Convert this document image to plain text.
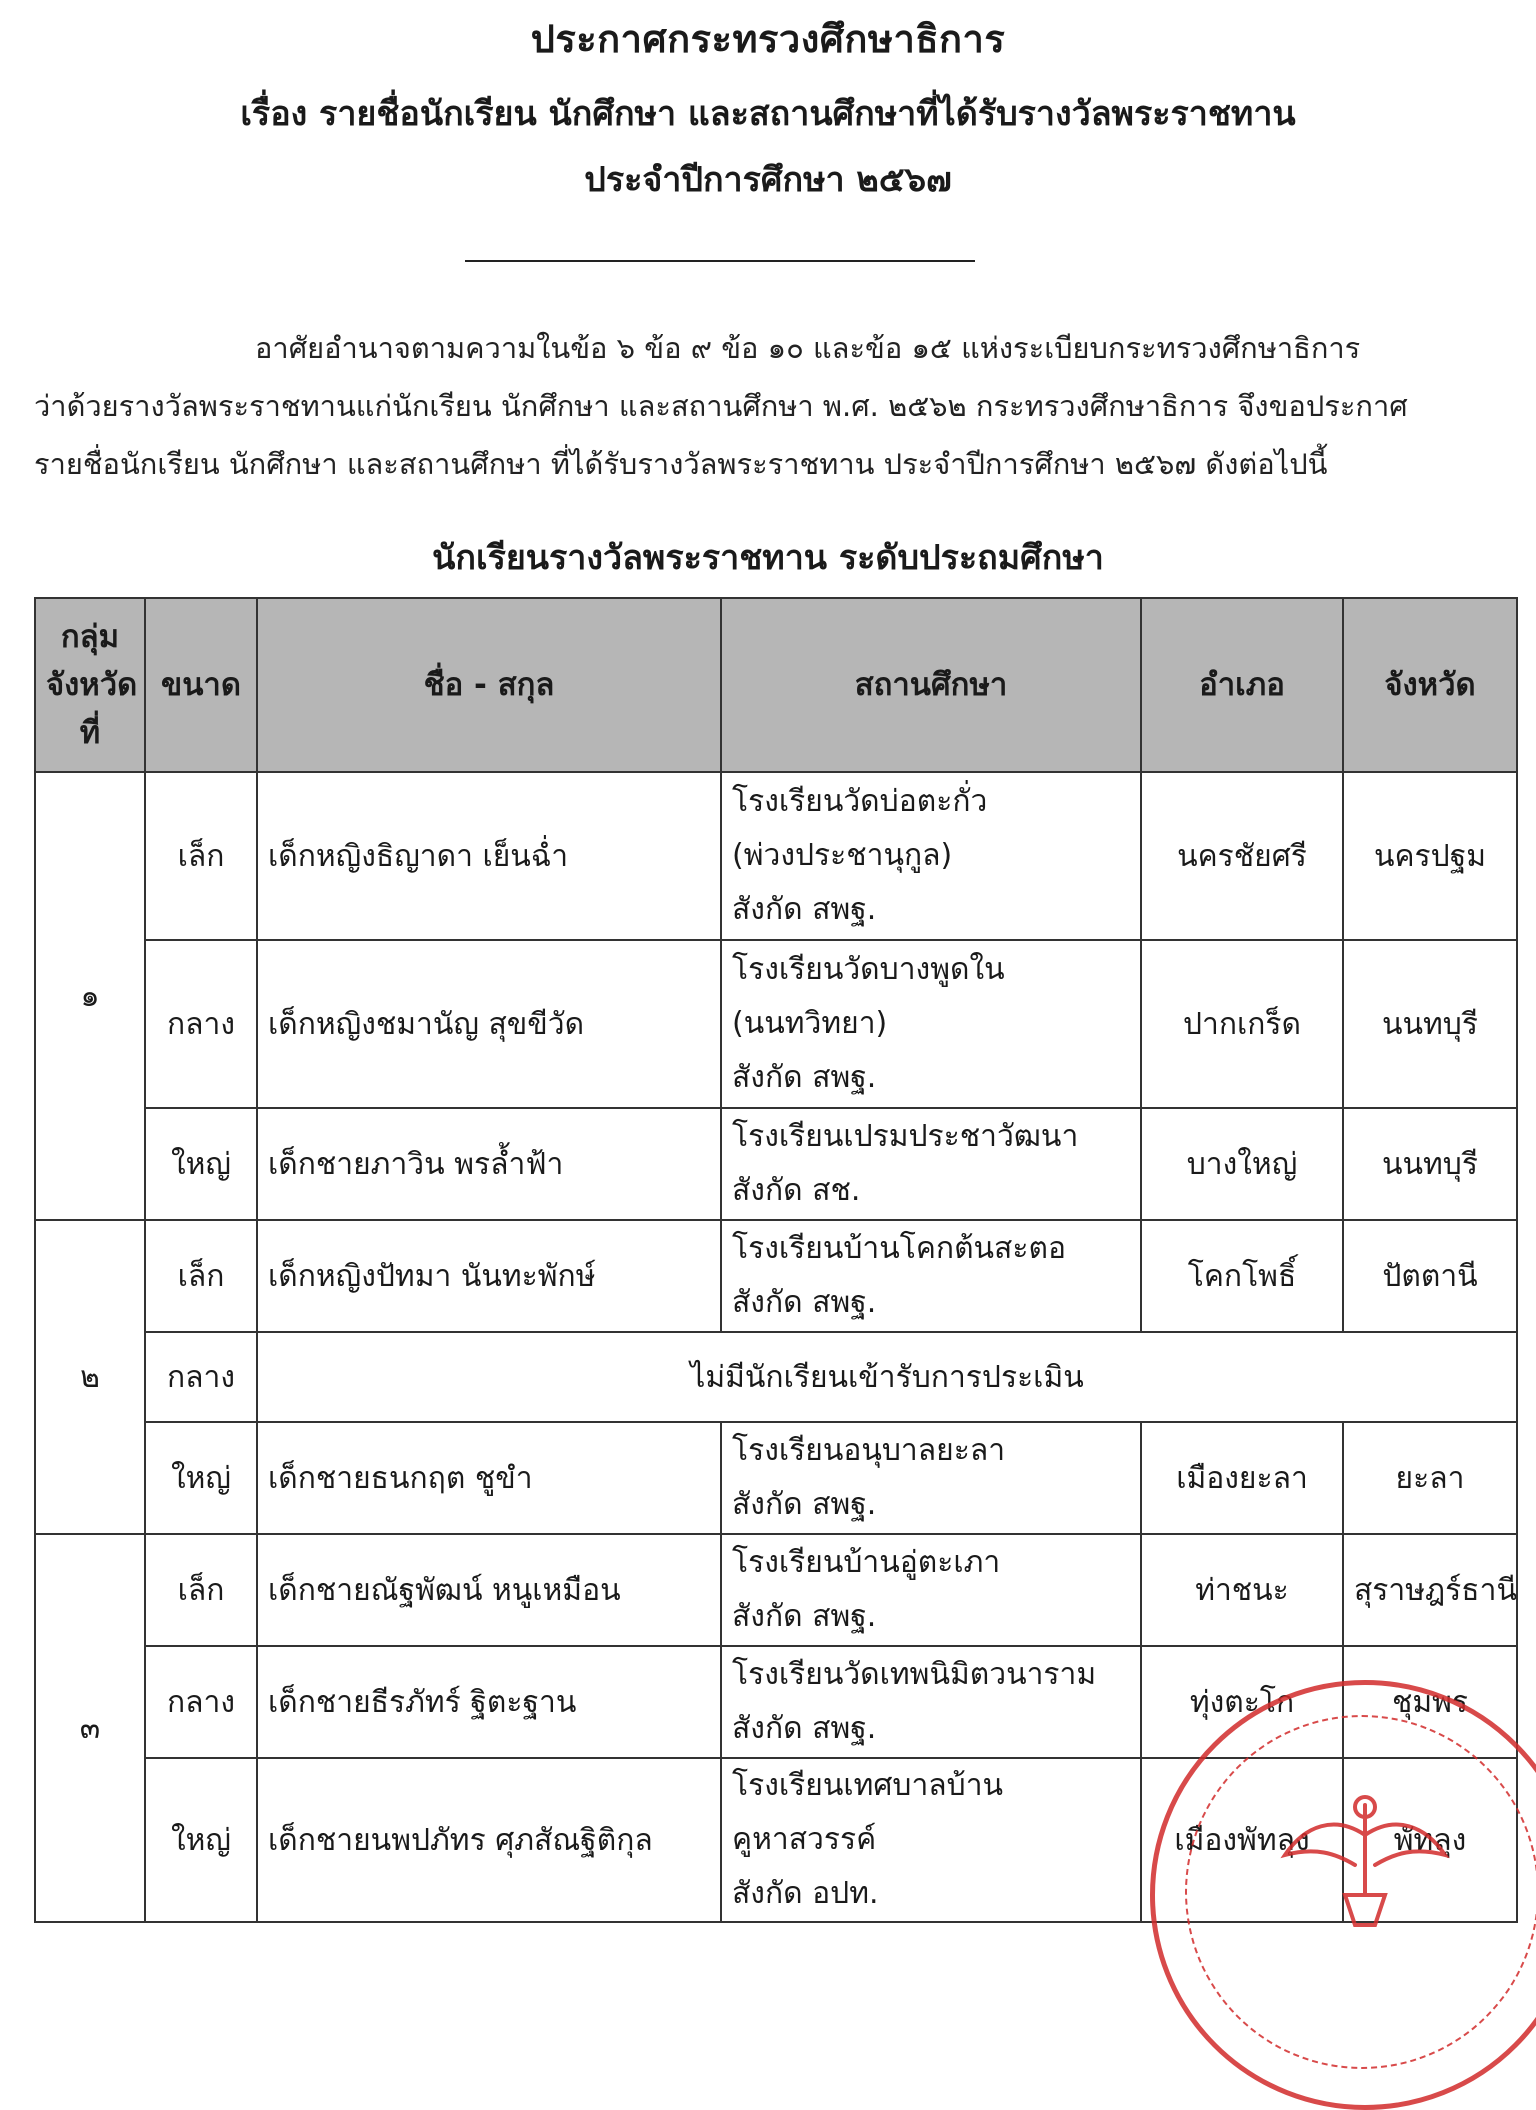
ประกาศกระทรวงศึกษาธิการ
เรื่อง รายชื่อนักเรียน นักศึกษา และสถานศึกษาที่ได้รับรางวัลพระราชทาน
ประจำปีการศึกษา ๒๕๖๗
อาศัยอำนาจตามความในข้อ ๖ ข้อ ๙ ข้อ ๑๐ และข้อ ๑๕ แห่งระเบียบกระทรวงศึกษาธิการ
ว่าด้วยรางวัลพระราชทานแก่นักเรียน นักศึกษา และสถานศึกษา พ.ศ. ๒๕๖๒ กระทรวงศึกษาธิการ จึงขอประกาศ
รายชื่อนักเรียน นักศึกษา และสถานศึกษา ที่ได้รับรางวัลพระราชทาน ประจำปีการศึกษา ๒๕๖๗ ดังต่อไปนี้
นักเรียนรางวัลพระราชทาน ระดับประถมศึกษา
กลุ่ม
จังหวัด
ที่	ขนาด	ชื่อ - สกุล	สถานศึกษา	อำเภอ	จังหวัด
๑	เล็ก	เด็กหญิงธิญาดา เย็นฉ่ำ	โรงเรียนวัดบ่อตะกั่ว
(พ่วงประชานุกูล)
สังกัด สพฐ.	นครชัยศรี	นครปฐม
	กลาง	เด็กหญิงชมานัญ สุขขีวัด	โรงเรียนวัดบางพูดใน
(นนทวิทยา)
สังกัด สพฐ.	ปากเกร็ด	นนทบุรี
	ใหญ่	เด็กชายภาวิน พรล้ำฟ้า	โรงเรียนเปรมประชาวัฒนา
สังกัด สช.	บางใหญ่	นนทบุรี
๒	เล็ก	เด็กหญิงปัทมา นันทะพักษ์	โรงเรียนบ้านโคกต้นสะตอ
สังกัด สพฐ.	โคกโพธิ์	ปัตตานี
	กลาง	ไม่มีนักเรียนเข้ารับการประเมิน			
	ใหญ่	เด็กชายธนกฤต ชูขำ	โรงเรียนอนุบาลยะลา
สังกัด สพฐ.	เมืองยะลา	ยะลา
๓	เล็ก	เด็กชายณัฐพัฒน์ หนูเหมือน	โรงเรียนบ้านอู่ตะเภา
สังกัด สพฐ.	ท่าชนะ	สุราษฎร์ธานี
	กลาง	เด็กชายธีรภัทร์ ฐิตะฐาน	โรงเรียนวัดเทพนิมิตวนาราม
สังกัด สพฐ.	ทุ่งตะโก	ชุมพร
	ใหญ่	เด็กชายนพปภัทร ศุภสัณฐิติกุล	โรงเรียนเทศบาลบ้านคูหาสวรรค์
สังกัด อปท.	เมืองพัทลุง	พัทลุง
